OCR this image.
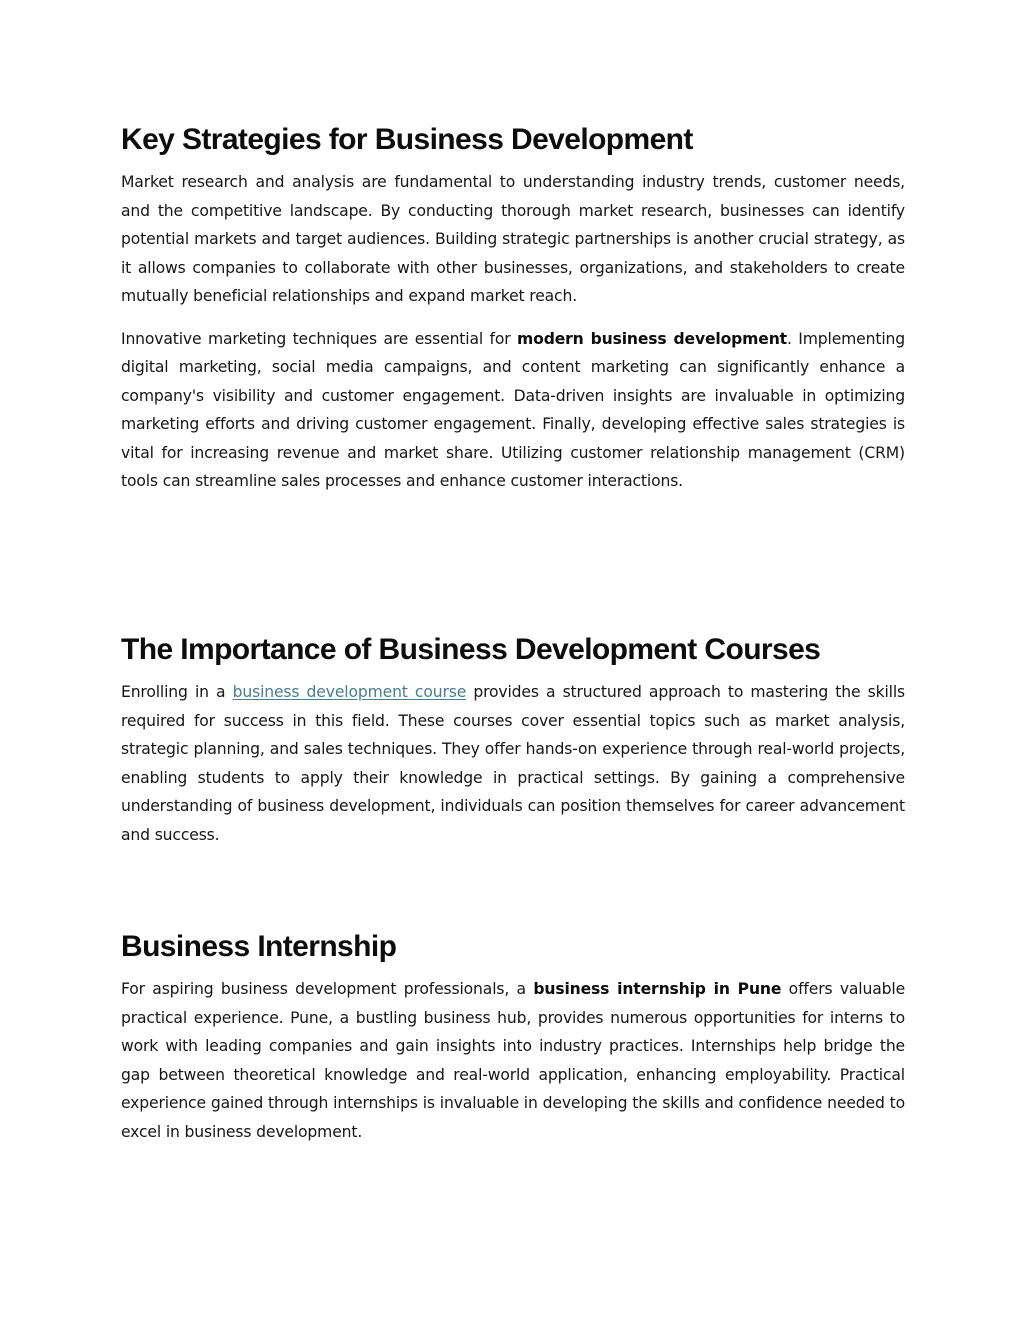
Key Strategies for Business Development

Market research and analysis are fundamental to understanding industry trends, customer needs, and the competitive landscape. By conducting thorough market research, businesses can identify potential markets and target audiences. Building strategic partnerships is another crucial strategy, as it allows companies to collaborate with other businesses, organizations, and stakeholders to create mutually beneficial relationships and expand market reach.

Innovative marketing techniques are essential for modern business development. Implementing digital marketing, social media campaigns, and content marketing can significantly enhance a company's visibility and customer engagement. Data-driven insights are invaluable in optimizing marketing efforts and driving customer engagement. Finally, developing effective sales strategies is vital for increasing revenue and market share. Utilizing customer relationship management (CRM) tools can streamline sales processes and enhance customer interactions.

The Importance of Business Development Courses

Enrolling in a business development course provides a structured approach to mastering the skills required for success in this field. These courses cover essential topics such as market analysis, strategic planning, and sales techniques. They offer hands-on experience through real-world projects, enabling students to apply their knowledge in practical settings. By gaining a comprehensive understanding of business development, individuals can position themselves for career advancement and success.

Business Internship

For aspiring business development professionals, a business internship in Pune offers valuable practical experience. Pune, a bustling business hub, provides numerous opportunities for interns to work with leading companies and gain insights into industry practices. Internships help bridge the gap between theoretical knowledge and real-world application, enhancing employability. Practical experience gained through internships is invaluable in developing the skills and confidence needed to excel in business development.
